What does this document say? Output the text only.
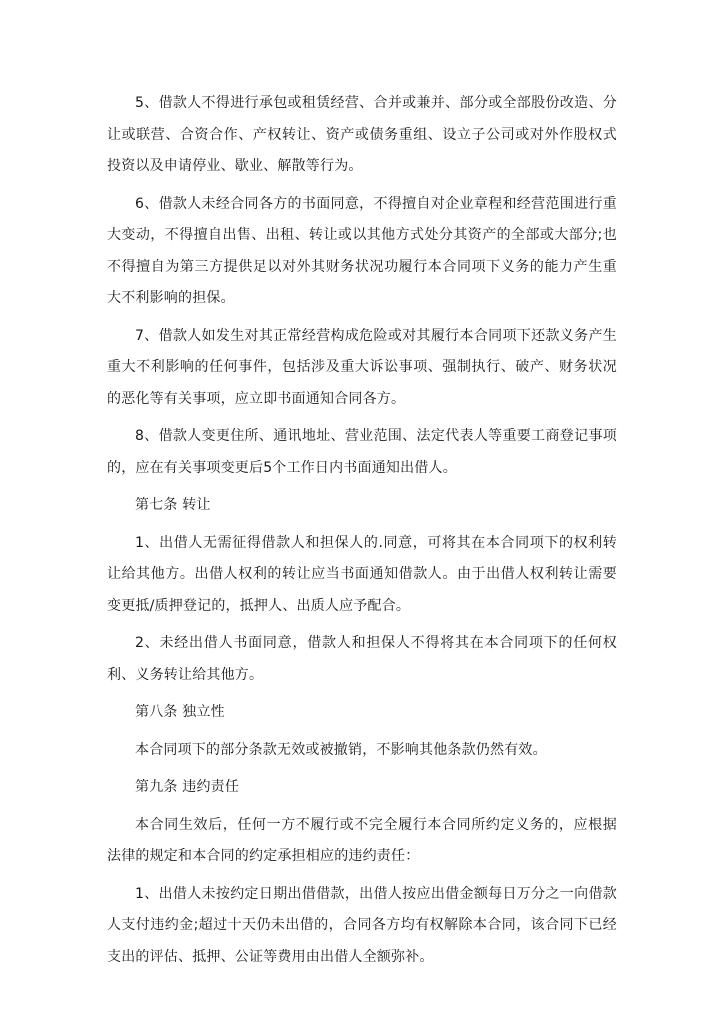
5、借款人不得进行承包或租赁经营、合并或兼并、部分或全部股份改造、分让或联营、合资合作、产权转让、资产或债务重组、设立子公司或对外作股权式投资以及申请停业、歇业、解散等行为。

6、借款人未经合同各方的书面同意，不得擅自对企业章程和经营范围进行重大变动，不得擅自出售、出租、转让或以其他方式处分其资产的全部或大部分;也不得擅自为第三方提供足以对外其财务状况功履行本合同项下义务的能力产生重大不利影响的担保。

7、借款人如发生对其正常经营构成危险或对其履行本合同项下还款义务产生重大不利影响的任何事件，包括涉及重大诉讼事项、强制执行、破产、财务状况的恶化等有关事项，应立即书面通知合同各方。

8、借款人变更住所、通讯地址、营业范围、法定代表人等重要工商登记事项的，应在有关事项变更后5个工作日内书面通知出借人。

第七条 转让

1、出借人无需征得借款人和担保人的.同意，可将其在本合同项下的权利转让给其他方。出借人权利的转让应当书面通知借款人。由于出借人权利转让需要变更抵/质押登记的，抵押人、出质人应予配合。

2、未经出借人书面同意，借款人和担保人不得将其在本合同项下的任何权利、义务转让给其他方。

第八条 独立性

本合同项下的部分条款无效或被撤销，不影响其他条款仍然有效。

第九条 违约责任

本合同生效后，任何一方不履行或不完全履行本合同所约定义务的，应根据法律的规定和本合同的约定承担相应的违约责任：

1、出借人未按约定日期出借借款，出借人按应出借金额每日万分之一向借款人支付违约金;超过十天仍未出借的，合同各方均有权解除本合同，该合同下已经支出的评估、抵押、公证等费用由出借人全额弥补。
